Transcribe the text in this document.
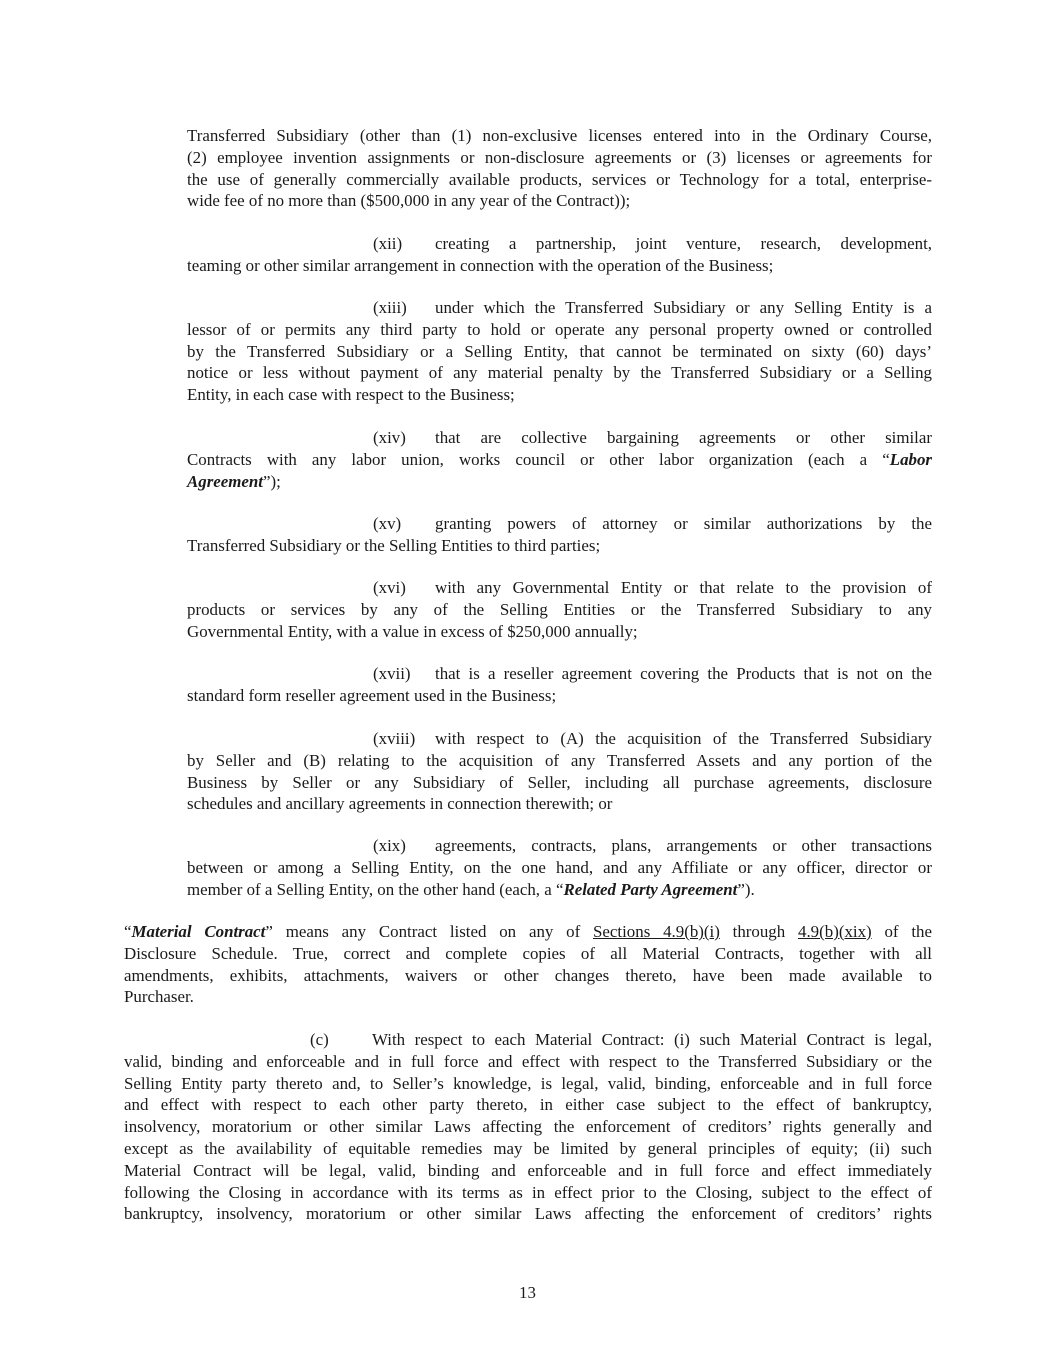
Transferred Subsidiary (other than (1) non-exclusive licenses entered into in the Ordinary Course,
(2) employee invention assignments or non-disclosure agreements or (3) licenses or agreements for
the use of generally commercially available products, services or Technology for a total, enterprise-
wide fee of no more than ($500,000 in any year of the Contract));

(xii) creating a partnership, joint venture, research, development,
teaming or other similar arrangement in connection with the operation of the Business;

(xiii) under which the Transferred Subsidiary or any Selling Entity is a
lessor of or permits any third party to hold or operate any personal property owned or controlled
by the Transferred Subsidiary or a Selling Entity, that cannot be terminated on sixty (60) days’
notice or less without payment of any material penalty by the Transferred Subsidiary or a Selling
Entity, in each case with respect to the Business;

(xiv) that are collective bargaining agreements or other similar
Contracts with any labor union, works council or other labor organization (each a “Labor
Agreement”);

(xv) granting powers of attorney or similar authorizations by the
Transferred Subsidiary or the Selling Entities to third parties;

(xvi) with any Governmental Entity or that relate to the provision of
products or services by any of the Selling Entities or the Transferred Subsidiary to any
Governmental Entity, with a value in excess of $250,000 annually;

(xvii) that is a reseller agreement covering the Products that is not on the
standard form reseller agreement used in the Business;

(xviii) with respect to (A) the acquisition of the Transferred Subsidiary
by Seller and (B) relating to the acquisition of any Transferred Assets and any portion of the
Business by Seller or any Subsidiary of Seller, including all purchase agreements, disclosure
schedules and ancillary agreements in connection therewith; or

(xix) agreements, contracts, plans, arrangements or other transactions
between or among a Selling Entity, on the one hand, and any Affiliate or any officer, director or
member of a Selling Entity, on the other hand (each, a “Related Party Agreement”).

“Material Contract” means any Contract listed on any of Sections 4.9(b)(i) through 4.9(b)(xix) of the
Disclosure Schedule. True, correct and complete copies of all Material Contracts, together with all
amendments, exhibits, attachments, waivers or other changes thereto, have been made available to
Purchaser.

(c)	With respect to each Material Contract: (i) such Material Contract is legal,
valid, binding and enforceable and in full force and effect with respect to the Transferred Subsidiary or the
Selling Entity party thereto and, to Seller’s knowledge, is legal, valid, binding, enforceable and in full force
and effect with respect to each other party thereto, in either case subject to the effect of bankruptcy,
insolvency, moratorium or other similar Laws affecting the enforcement of creditors’ rights generally and
except as the availability of equitable remedies may be limited by general principles of equity; (ii) such
Material Contract will be legal, valid, binding and enforceable and in full force and effect immediately
following the Closing in accordance with its terms as in effect prior to the Closing, subject to the effect of
bankruptcy, insolvency, moratorium or other similar Laws affecting the enforcement of creditors’ rights

13
